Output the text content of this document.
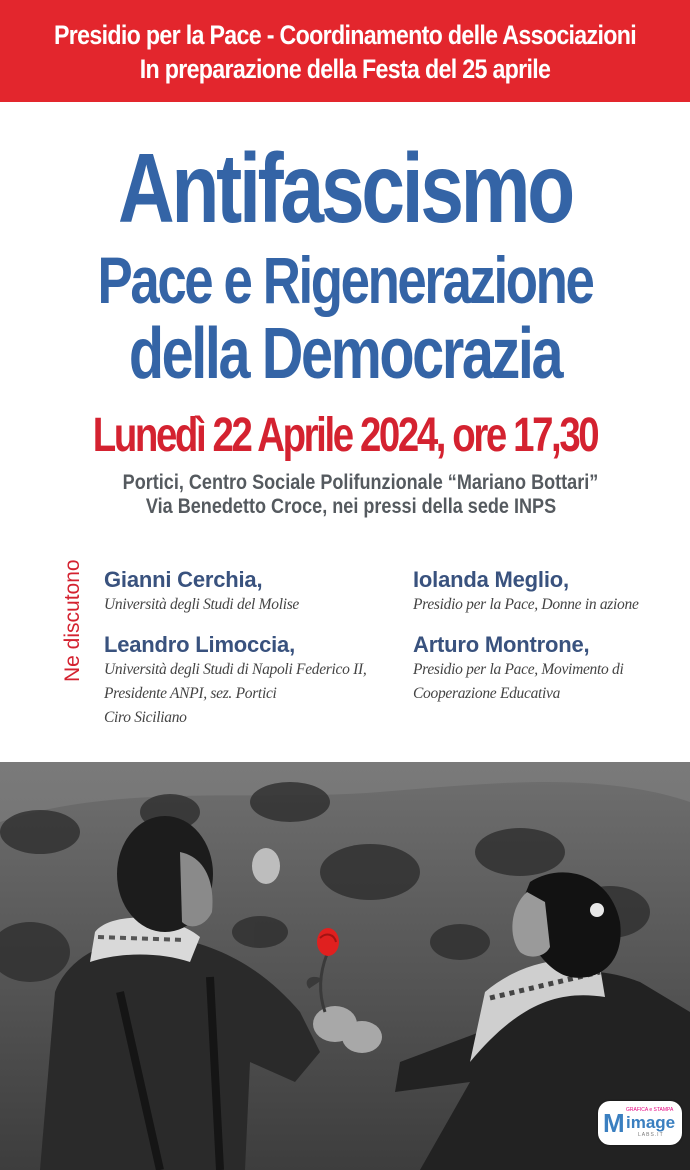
Presidio per la Pace - Coordinamento delle Associazioni
In preparazione della Festa del 25 aprile
Antifascismo
Pace e Rigenerazione
della Democrazia
Lunedì 22 Aprile 2024, ore 17,30
Portici, Centro Sociale Polifunzionale “Mariano Bottari”
Via Benedetto Croce, nei pressi della sede INPS
Ne discutono Gianni Cerchia,
Università degli Studi del Molise
Leandro Limoccia,
Università degli Studi di Napoli Federico II,
Presidente ANPI, sez. Portici
Ciro Siciliano
Iolanda Meglio,
Presidio per la Pace, Donne in azione
Arturo Montrone,
Presidio per la Pace, Movimento di
Cooperazione Educativa
M GRAFICA e STAMPA
image
LABS.IT
